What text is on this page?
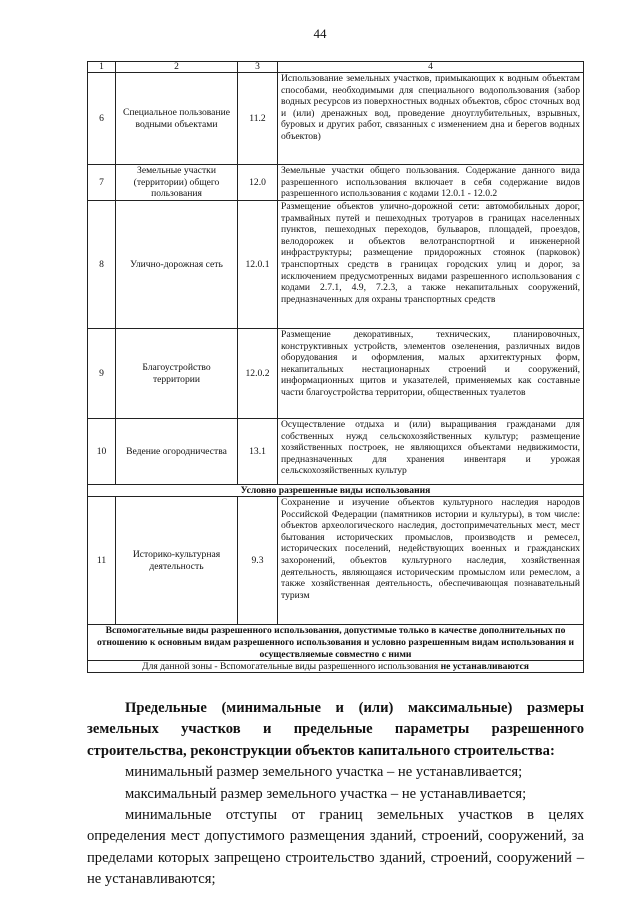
44
1	2	3	4
6	Специальное пользование водными объектами	11.2	Использование земельных участков, примыкающих к водным объектам способами, необходимыми для специального водопользования (забор водных ресурсов из поверхностных водных объектов, сброс сточных вод и (или) дренажных вод, проведение дноуглубительных, взрывных, буровых и других работ, связанных с изменением дна и берегов водных объектов)
7	Земельные участки (территории) общего пользования	12.0	Земельные участки общего пользования. Содержание данного вида разрешенного использования включает в себя содержание видов разрешенного использования с кодами 12.0.1 - 12.0.2
8	Улично-дорожная сеть	12.0.1	Размещение объектов улично-дорожной сети: автомобильных дорог, трамвайных путей и пешеходных тротуаров в границах населенных пунктов, пешеходных переходов, бульваров, площадей, проездов, велодорожек и объектов велотранспортной и инженерной инфраструктуры; размещение придорожных стоянок (парковок) транспортных средств в границах городских улиц и дорог, за исключением предусмотренных видами разрешенного использования с кодами 2.7.1, 4.9, 7.2.3, а также некапитальных сооружений, предназначенных для охраны транспортных средств
9	Благоустройство территории	12.0.2	Размещение декоративных, технических, планировочных, конструктивных устройств, элементов озеленения, различных видов оборудования и оформления, малых архитектурных форм, некапитальных нестационарных строений и сооружений, информационных щитов и указателей, применяемых как составные части благоустройства территории, общественных туалетов
10	Ведение огородничества	13.1	Осуществление отдыха и (или) выращивания гражданами для собственных нужд сельскохозяйственных культур; размещение хозяйственных построек, не являющихся объектами недвижимости, предназначенных для хранения инвентаря и урожая сельскохозяйственных культур
Условно разрешенные виды использования			
11	Историко-культурная деятельность	9.3	Сохранение и изучение объектов культурного наследия народов Российской Федерации (памятников истории и культуры), в том числе: объектов археологического наследия, достопримечательных мест, мест бытования исторических промыслов, производств и ремесел, исторических поселений, недействующих военных и гражданских захоронений, объектов культурного наследия, хозяйственная деятельность, являющаяся историческим промыслом или ремеслом, а также хозяйственная деятельность, обеспечивающая познавательный туризм
Вспомогательные виды разрешенного использования, допустимые только в качестве дополнительных по отношению к основным видам разрешенного использования и условно разрешенным видам использования и осуществляемые совместно с ними			
Для данной зоны - Вспомогательные виды разрешенного использования не устанавливаются			
Предельные (минимальные и (или) максимальные) размеры
земельных участков и предельные параметры разрешенного
строительства, реконструкции объектов капитального строительства:
минимальный размер земельного участка – не устанавливается;
максимальный размер земельного участка – не устанавливается;
минимальные отступы от границ земельных участков в целях определения мест допустимого размещения зданий, строений, сооружений, за пределами которых запрещено строительство зданий, строений, сооружений – не устанавливаются;
